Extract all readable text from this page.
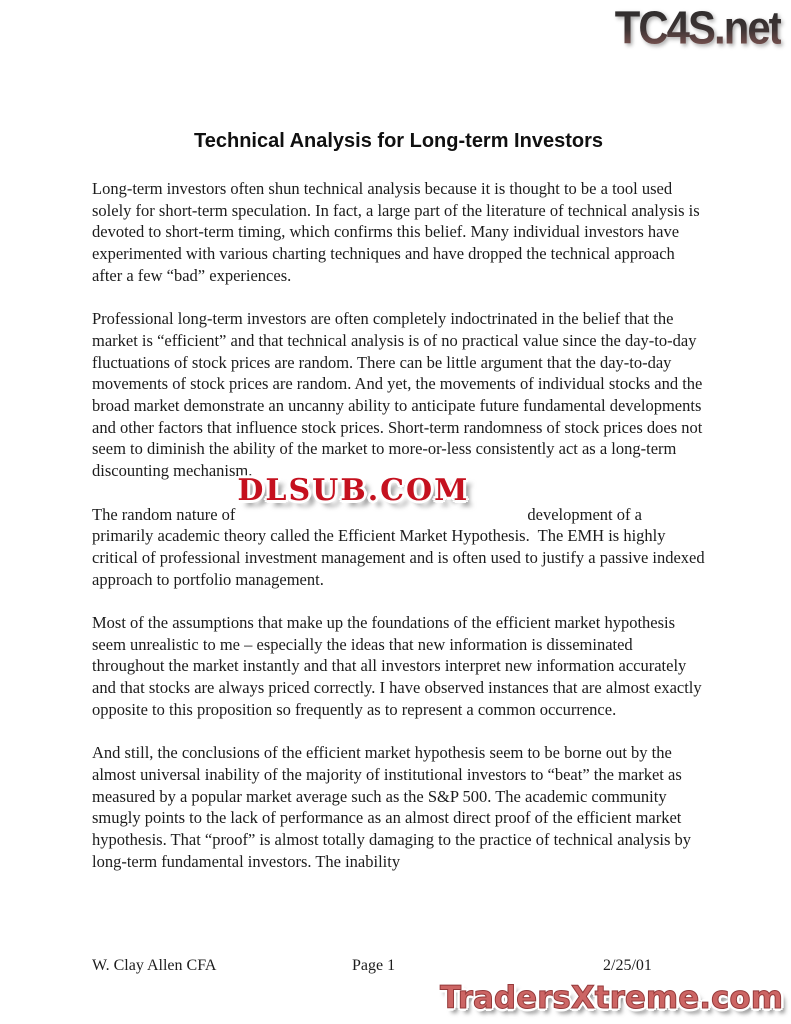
TC4S.net
Technical Analysis for Long-term Investors

Long-term investors often shun technical analysis because it is thought to be a tool used solely for short-term speculation. In fact, a large part of the literature of technical analysis is devoted to short-term timing, which confirms this belief. Many individual investors have experimented with various charting techniques and have dropped the technical approach after a few “bad” experiences.

Professional long-term investors are often completely indoctrinated in the belief that the market is “efficient” and that technical analysis is of no practical value since the day-to-day fluctuations of stock prices are random. There can be little argument that the day-to-day movements of stock prices are random. And yet, the movements of individual stocks and the broad market demonstrate an uncanny ability to anticipate future fundamental developments and other factors that influence stock prices. Short-term randomness of stock prices does not seem to diminish the ability of the market to more-or-less consistently act as a long-term discounting mechanism.

The random nature of
DLSUB.COM
development of a primarily academic theory called the Efficient Market Hypothesis.  The EMH is highly critical of professional investment management and is often used to justify a passive indexed approach to portfolio management.

Most of the assumptions that make up the foundations of the efficient market hypothesis seem unrealistic to me – especially the ideas that new information is disseminated throughout the market instantly and that all investors interpret new information accurately and that stocks are always priced correctly. I have observed instances that are almost exactly opposite to this proposition so frequently as to represent a common occurrence.

And still, the conclusions of the efficient market hypothesis seem to be borne out by the almost universal inability of the majority of institutional investors to “beat” the market as measured by a popular market average such as the S&P 500. The academic community smugly points to the lack of performance as an almost direct proof of the efficient market hypothesis. That “proof” is almost totally damaging to the practice of technical analysis by long-term fundamental investors. The inability

W. Clay Allen CFA	Page 1	2/25/01
TradersXtreme.com
